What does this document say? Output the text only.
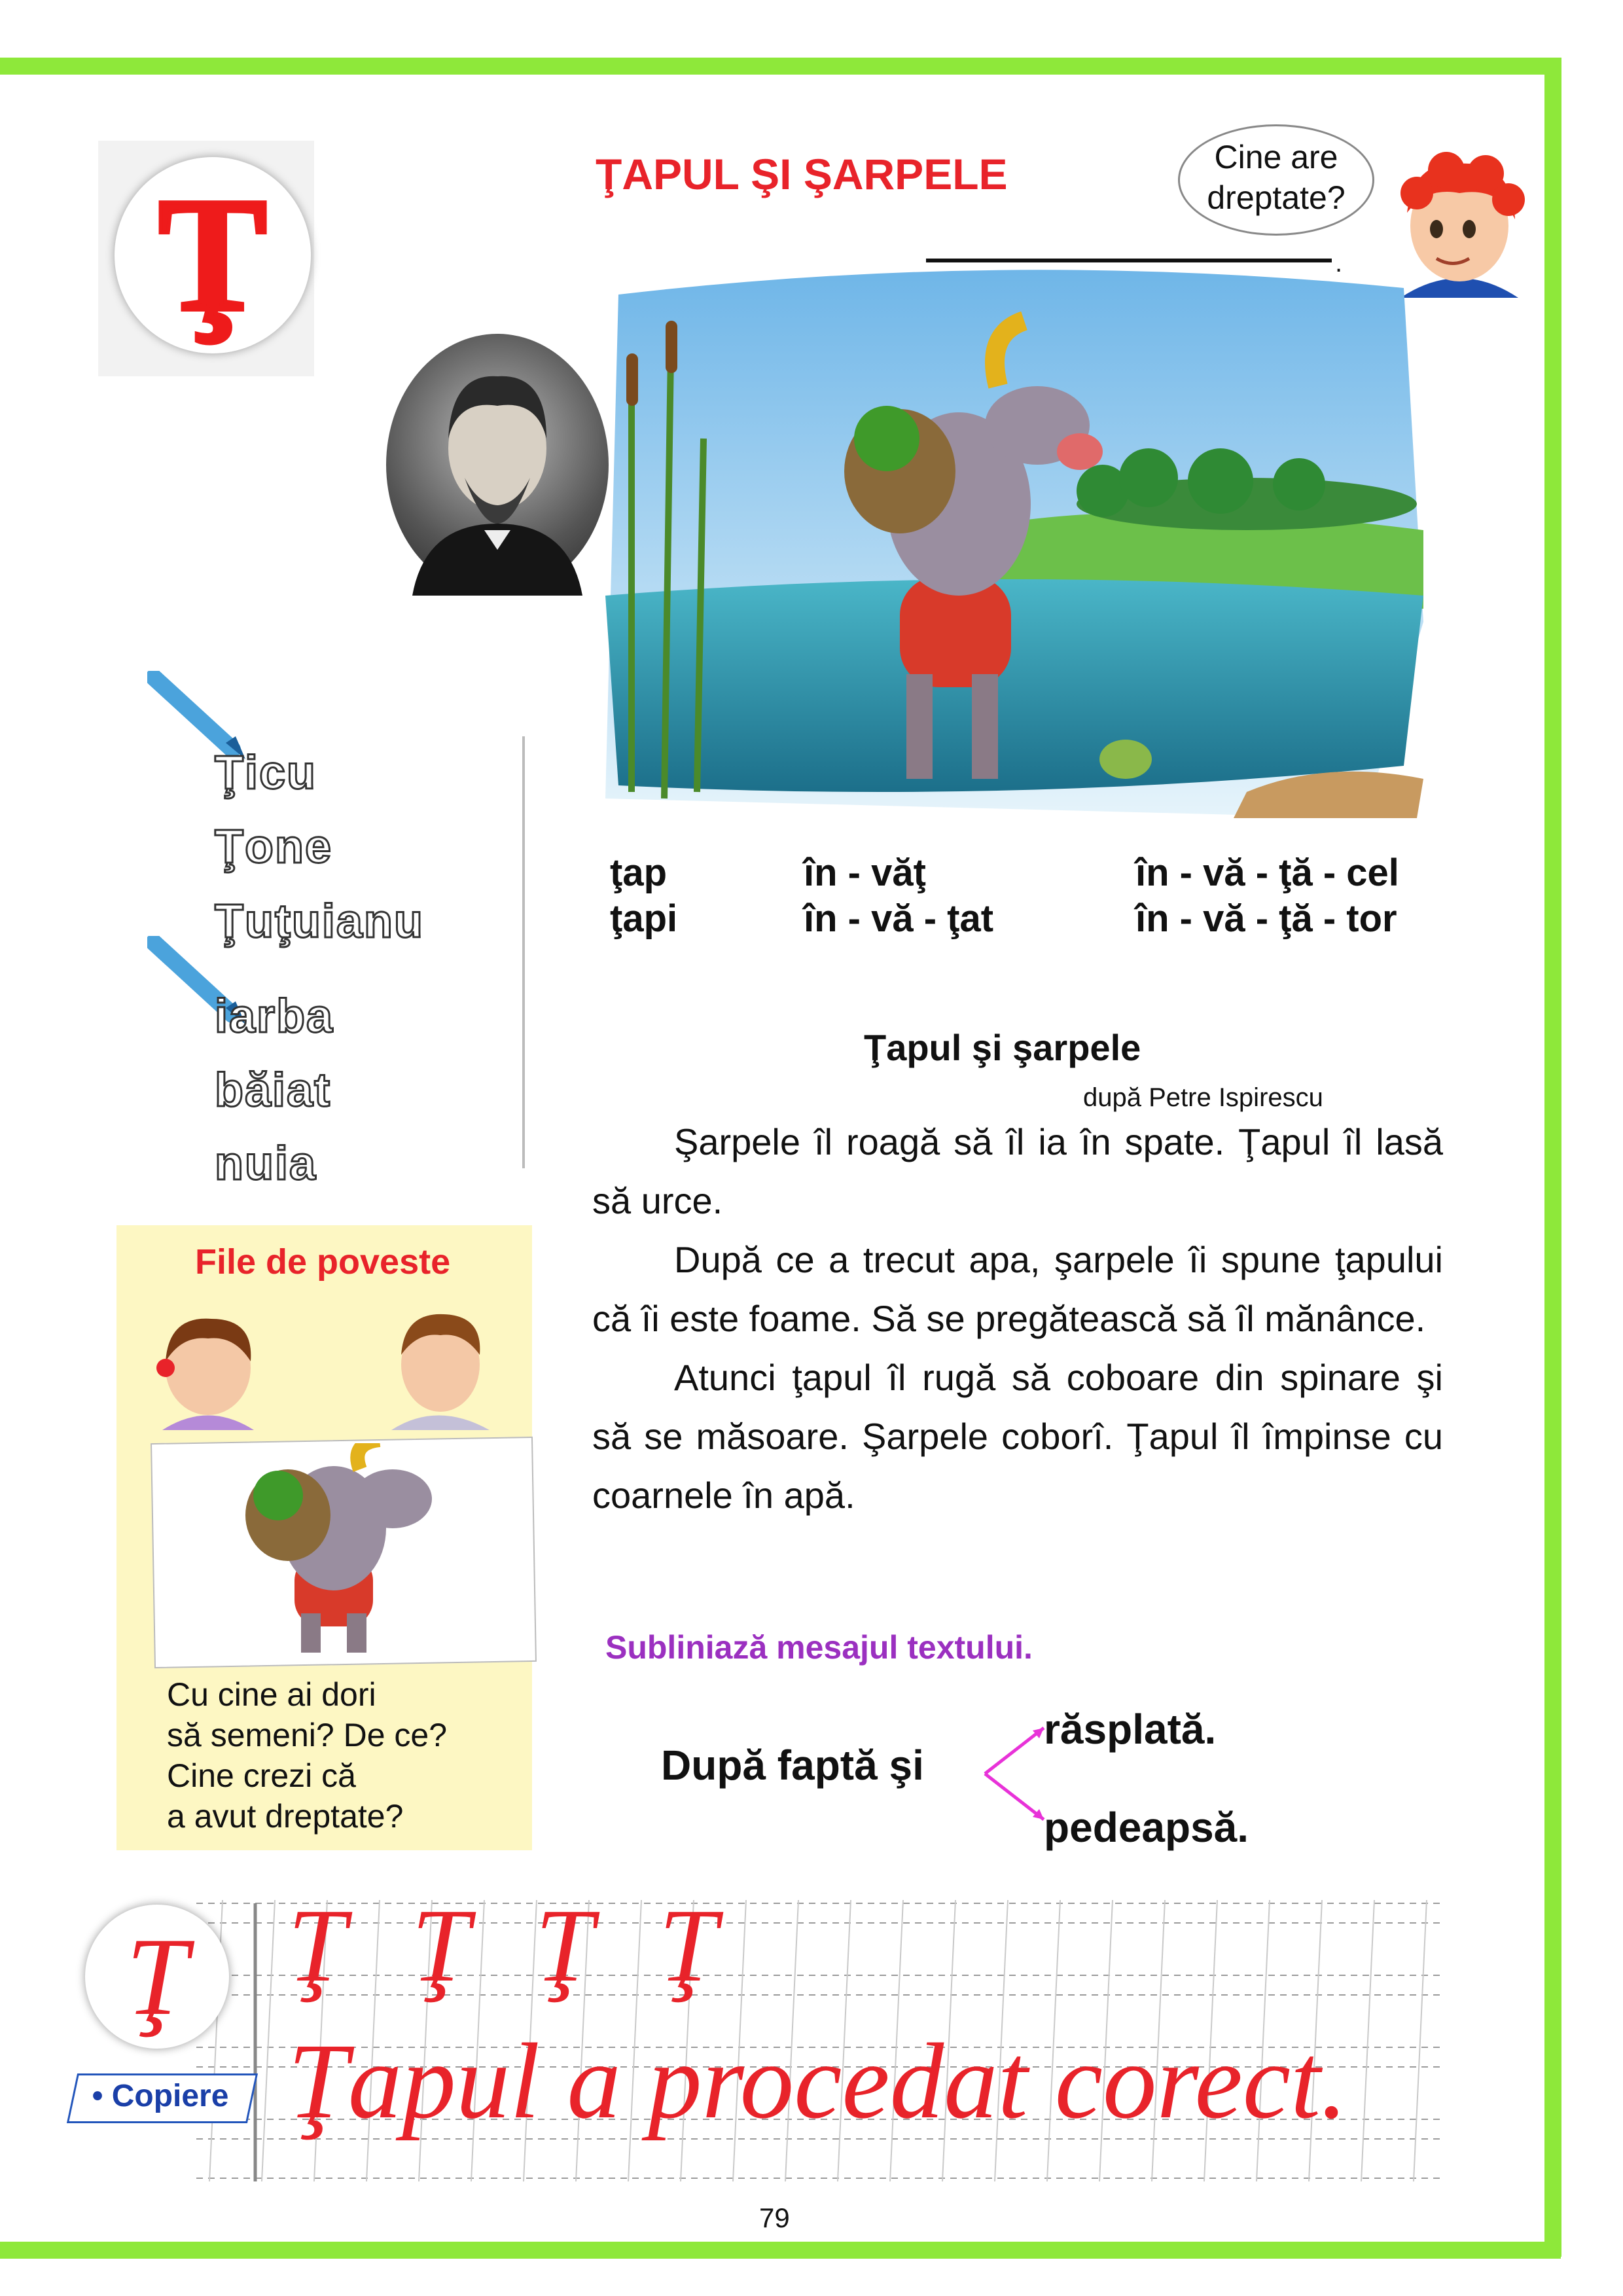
Ţ	ŢAPUL ŞI ŞARPELE	Cine are
dreptate?
.
Ţicu
Ţone
Ţuţuianu
iarba
băiat
nuia
ţap
ţapi
în - văţ
în - vă - ţat
în - vă - ţă - cel
în - vă - ţă - tor
Ţapul şi şarpele
după Petre Ispirescu

Şarpele îl roagă să îl ia în spate. Ţapul îl lasă să urce.

După ce a trecut apa, şarpele îi spune ţapului că îi este foame. Să se pregătească să îl mănânce.

Atunci ţapul îl rugă să coboare din spinare şi să se măsoare. Şarpele coborî. Ţapul îl împinse cu coarnele în apă.

Subliniază mesajul textului.
După faptă şi
răsplată.
pedeapsă.
File de poveste
Cu cine ai dori
să semeni? De ce?
Cine crezi că
a avut dreptate?
Ţ Ţ Ţ Ţ Ţ
Ţapul a procedat corect.
• Copiere
79
